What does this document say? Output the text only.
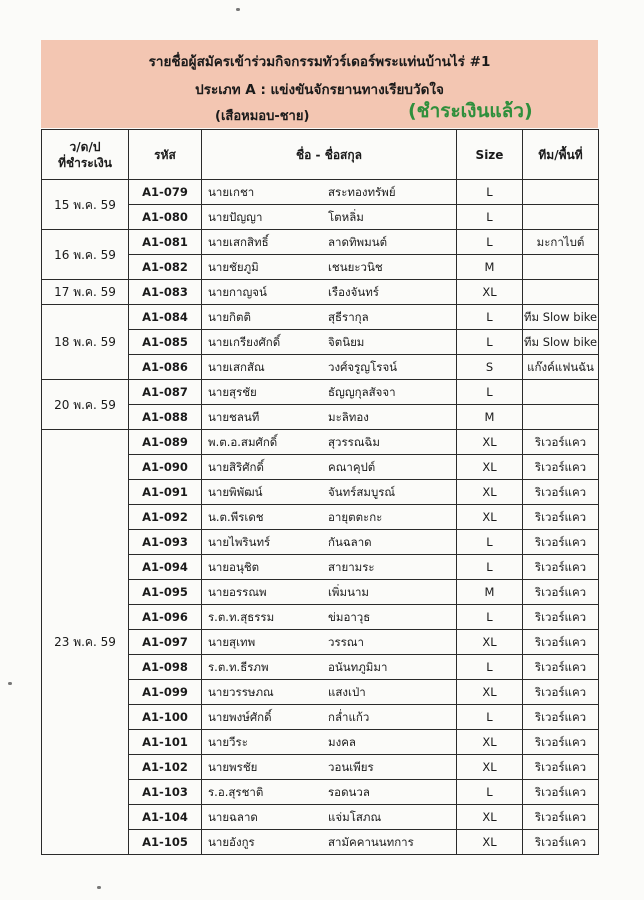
รายชื่อผู้สมัครเข้าร่วมกิจกรรมทัวร์เดอร์พระแท่นบ้านไร่ #1
ประเภท A : แข่งขันจักรยานทางเรียบวัดใจ
(เสือหมอบ-ชาย)	(ชำระเงินแล้ว)
ว/ด/ป
ที่ชำระเงิน	รหัส	ชื่อ - ชื่อสกุล	Size	ทีม/พื้นที่
15 พ.ค. 59	A1-079	นายเกชา สระทองทรัพย์	L	
	A1-080	นายปัญญา โตหลิ่ม	L	
16 พ.ค. 59	A1-081	นายเสกสิทธิ์ ลาดทิพมนต์	L	มะกาไบต์
	A1-082	นายชัยภูมิ เชนยะวนิช	M	
17 พ.ค. 59	A1-083	นายกาญจน์ เรืองจันทร์	XL	
18 พ.ค. 59	A1-084	นายกิตติ สุธีรากุล	L	ทีม Slow bike
	A1-085	นายเกรียงศักดิ์ จิตนิยม	L	ทีม Slow bike
	A1-086	นายเสกสัณ วงศ์จรูญโรจน์	S	แก๊งค์แฟนฉัน
20 พ.ค. 59	A1-087	นายสุรชัย ธัญญกุลสัจจา	L	
	A1-088	นายชลนที มะลิทอง	M	
23 พ.ค. 59	A1-089	พ.ต.อ.สมศักดิ์ สุวรรณฉิม	XL	ริเวอร์แคว
	A1-090	นายสิริศักดิ์ คณาคุปต์	XL	ริเวอร์แคว
	A1-091	นายพิพัฒน์ จันทร์สมบูรณ์	XL	ริเวอร์แคว
	A1-092	น.ต.พีรเดช อายุตตะกะ	XL	ริเวอร์แคว
	A1-093	นายไพรินทร์ กันฉลาด	L	ริเวอร์แคว
	A1-094	นายอนุชิต สายามระ	L	ริเวอร์แคว
	A1-095	นายอรรณพ เพิ่มนาม	M	ริเวอร์แคว
	A1-096	ร.ต.ท.สุธรรม ข่มอาวุธ	L	ริเวอร์แคว
	A1-097	นายสุเทพ วรรณา	XL	ริเวอร์แคว
	A1-098	ร.ต.ท.ธีรภพ อนันทภูมิมา	L	ริเวอร์แคว
	A1-099	นายวรรษภณ แสงเป่า	XL	ริเวอร์แคว
	A1-100	นายพงษ์ศักดิ์ กล่ำแก้ว	L	ริเวอร์แคว
	A1-101	นายวีระ มงคล	XL	ริเวอร์แคว
	A1-102	นายพรชัย วอนเพียร	XL	ริเวอร์แคว
	A1-103	ร.อ.สุรชาติ รอดนวล	L	ริเวอร์แคว
	A1-104	นายฉลาด แจ่มโสภณ	XL	ริเวอร์แคว
	A1-105	นายอังกูร สามัคคานนทการ	XL	ริเวอร์แคว
